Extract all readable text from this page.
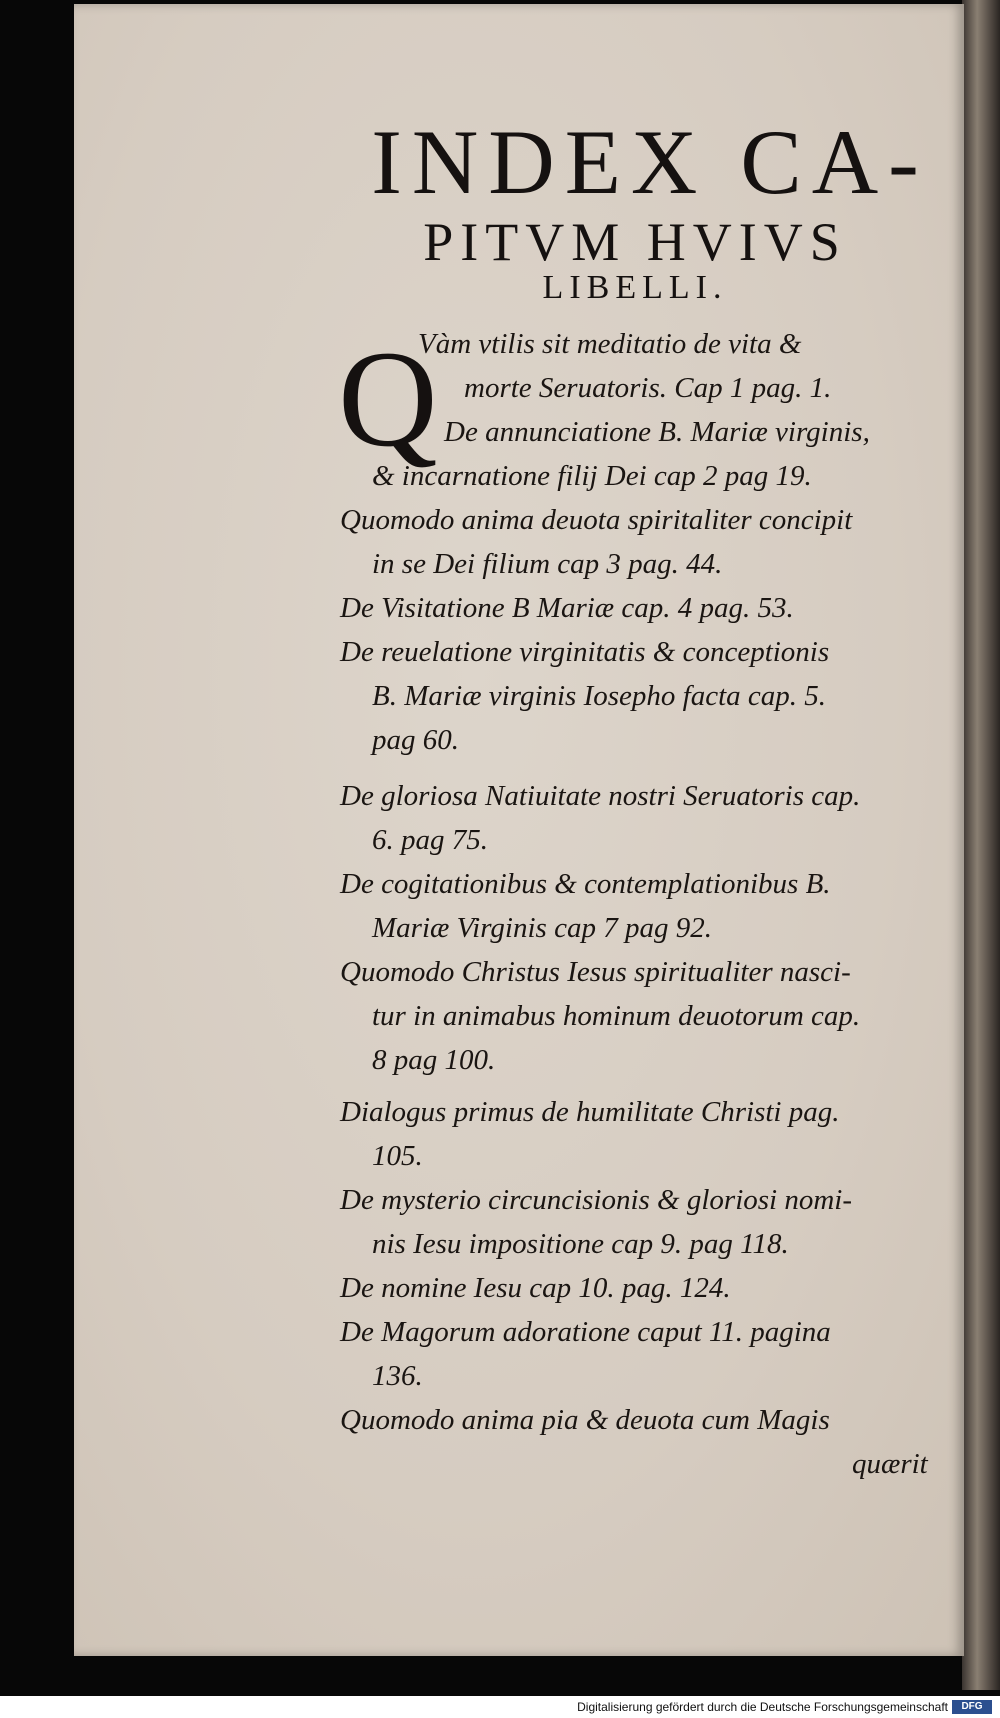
INDEX CA-
PITVM HVIVS
LIBELLI.
Q

Vàm vtilis sit meditatio de vita &
morte Seruatoris. Cap 1 pag. 1.

De annunciatione B. Mariæ virginis,
& incarnatione filij Dei cap 2 pag 19.

Quomodo anima deuota spiritaliter concipit
in se Dei filium cap 3 pag. 44.

De Visitatione B Mariæ cap. 4 pag. 53.

De reuelatione virginitatis & conceptionis
B. Mariæ virginis Iosepho facta cap. 5.
pag 60.

De gloriosa Natiuitate nostri Seruatoris cap.
6. pag 75.

De cogitationibus & contemplationibus B.
Mariæ Virginis cap 7 pag 92.

Quomodo Christus Iesus spiritualiter nasci-
tur in animabus hominum deuotorum cap.
8 pag 100.

Dialogus primus de humilitate Christi pag.
105.

De mysterio circuncisionis & gloriosi nomi-
nis Iesu impositione cap 9. pag 118.

De nomine Iesu cap 10. pag. 124.

De Magorum adoratione caput 11. pagina
136.

Quomodo anima pia & deuota cum Magis
quærit

Digitalisierung gefördert durch die Deutsche Forschungsgemeinschaft	DFG
